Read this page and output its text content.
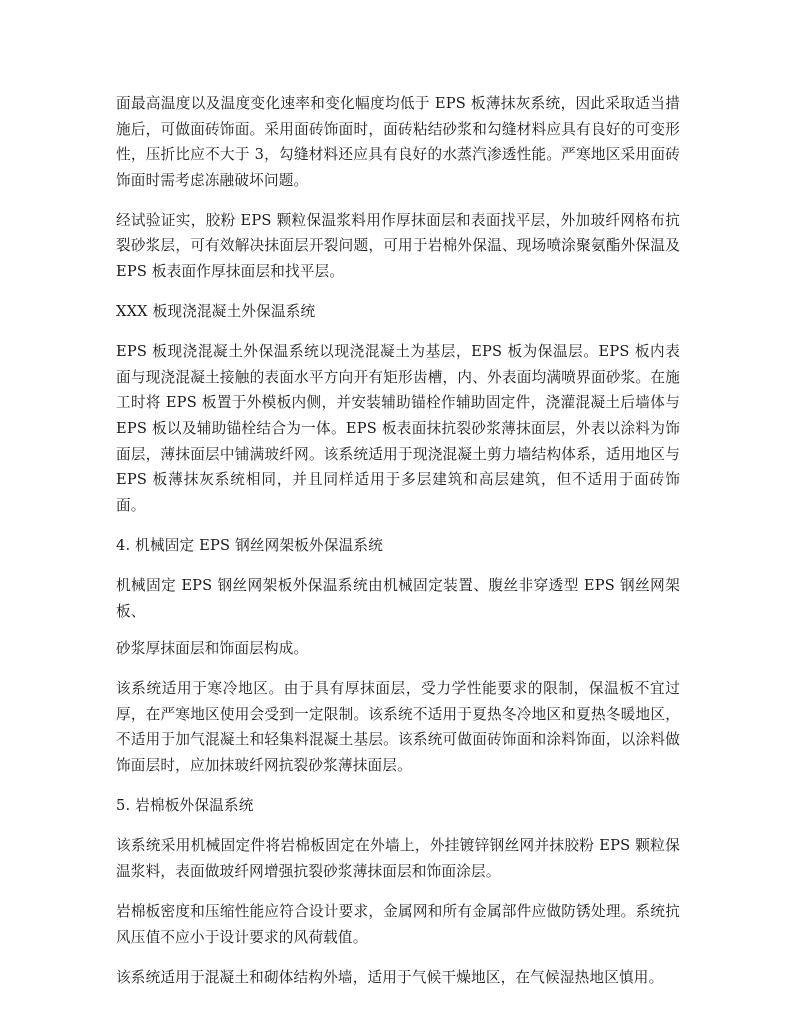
面最高温度以及温度变化速率和变化幅度均低于 EPS 板薄抹灰系统，因此采取适当措施后，可做面砖饰面。采用面砖饰面时，面砖粘结砂浆和勾缝材料应具有良好的可变形性，压折比应不大于 3，勾缝材料还应具有良好的水蒸汽渗透性能。严寒地区采用面砖饰面时需考虑冻融破坏问题。

经试验证实，胶粉 EPS 颗粒保温浆料用作厚抹面层和表面找平层，外加玻纤网格布抗裂砂浆层，可有效解决抹面层开裂问题，可用于岩棉外保温、现场喷涂聚氨酯外保温及 EPS 板表面作厚抹面层和找平层。

XXX 板现浇混凝土外保温系统

EPS 板现浇混凝土外保温系统以现浇混凝土为基层，EPS 板为保温层。EPS 板内表面与现浇混凝土接触的表面水平方向开有矩形齿槽，内、外表面均满喷界面砂浆。在施工时将 EPS 板置于外模板内侧，并安装辅助锚栓作辅助固定件，浇灌混凝土后墙体与 EPS 板以及辅助锚栓结合为一体。EPS 板表面抹抗裂砂浆薄抹面层，外表以涂料为饰面层，薄抹面层中铺满玻纤网。该系统适用于现浇混凝土剪力墙结构体系，适用地区与 EPS 板薄抹灰系统相同，并且同样适用于多层建筑和高层建筑，但不适用于面砖饰面。

4. 机械固定 EPS 钢丝网架板外保温系统

机械固定 EPS 钢丝网架板外保温系统由机械固定装置、腹丝非穿透型 EPS 钢丝网架板、

砂浆厚抹面层和饰面层构成。

该系统适用于寒冷地区。由于具有厚抹面层，受力学性能要求的限制，保温板不宜过厚，在严寒地区使用会受到一定限制。该系统不适用于夏热冬冷地区和夏热冬暖地区，不适用于加气混凝土和轻集料混凝土基层。该系统可做面砖饰面和涂料饰面，以涂料做饰面层时，应加抹玻纤网抗裂砂浆薄抹面层。

5. 岩棉板外保温系统

该系统采用机械固定件将岩棉板固定在外墙上，外挂镀锌钢丝网并抹胶粉 EPS 颗粒保温浆料，表面做玻纤网增强抗裂砂浆薄抹面层和饰面涂层。

岩棉板密度和压缩性能应符合设计要求，金属网和所有金属部件应做防锈处理。系统抗风压值不应小于设计要求的风荷载值。

该系统适用于混凝土和砌体结构外墙，适用于气候干燥地区，在气候湿热地区慎用。
